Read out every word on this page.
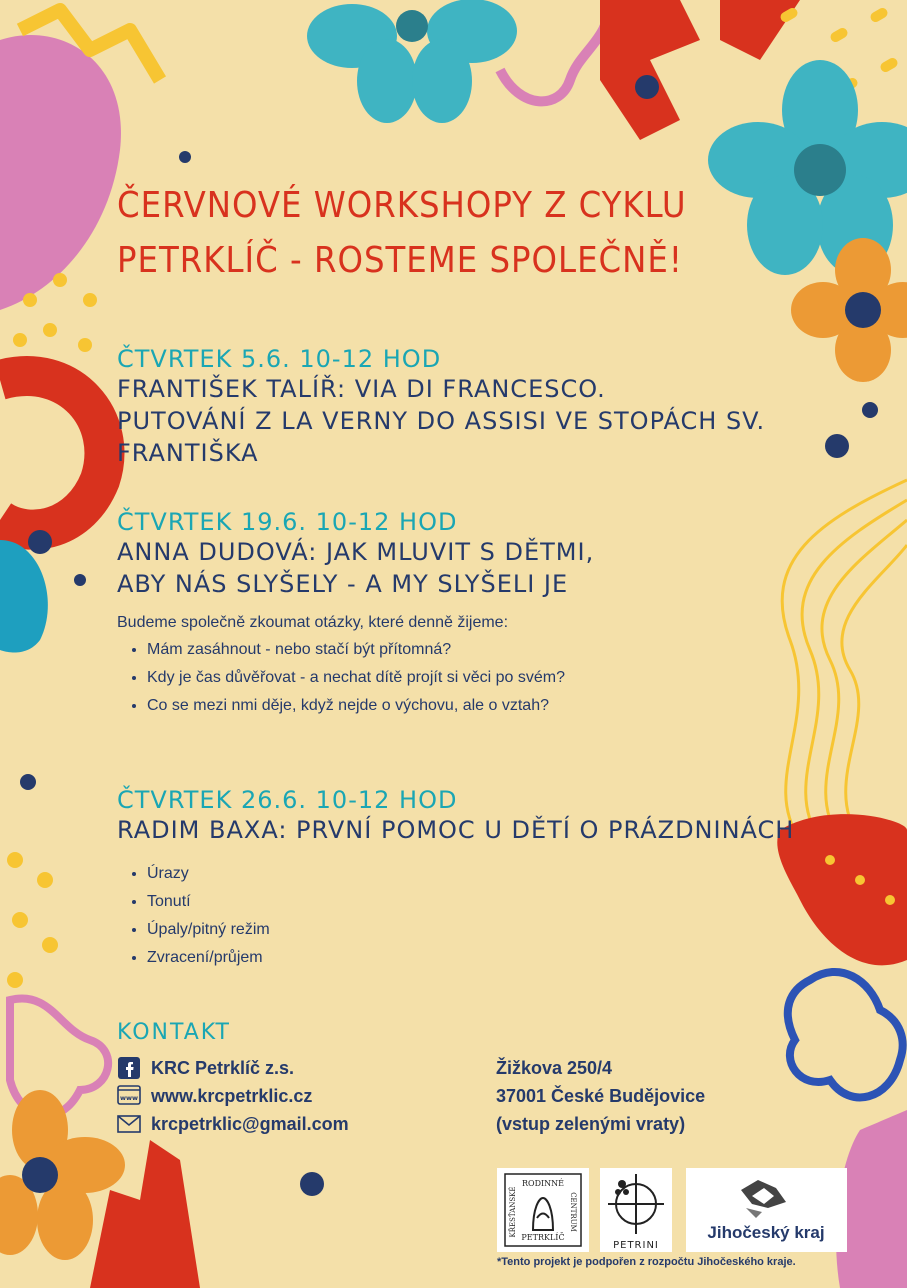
ČERVNOVÉ WORKSHOPY Z CYKLU
PETRKLÍČ - ROSTEME SPOLEČNĚ!
ČTVRTEK 5.6. 10-12 HOD
FRANTIŠEK TALÍŘ: VIA DI FRANCESCO.
PUTOVÁNÍ Z LA VERNY DO ASSISI VE STOPÁCH SV. FRANTIŠKA
ČTVRTEK 19.6. 10-12 HOD
ANNA DUDOVÁ: JAK MLUVIT S DĚTMI,
ABY NÁS SLYŠELY - A MY SLYŠELI JE
Budeme společně zkoumat otázky, které denně žijeme:
• Mám zasáhnout - nebo stačí být přítomná?
• Kdy je čas důvěřovat - a nechat dítě projít si věci po svém?
• Co se mezi nmi děje, když nejde o výchovu, ale o vztah?
ČTVRTEK 26.6. 10-12 HOD
RADIM BAXA: PRVNÍ POMOC U DĚTÍ O PRÁZDNINÁCH
• Úrazy
• Tonutí
• Úpaly/pitný režim
• Zvracení/průjem
KONTAKT
KRC Petrklíč z.s.
www www.krcpetrklic.cz
krcpetrklic@gmail.com
Žižkova 250/4
37001 České Budějovice
(vstup zelenými vraty)
RODINNÉ
KŘESŤANSKÉ	CENTRUM
PETRKLÍČ
PETRINI
Jihočeský kraj
*Tento projekt je podpořen z rozpočtu Jihočeského kraje.
